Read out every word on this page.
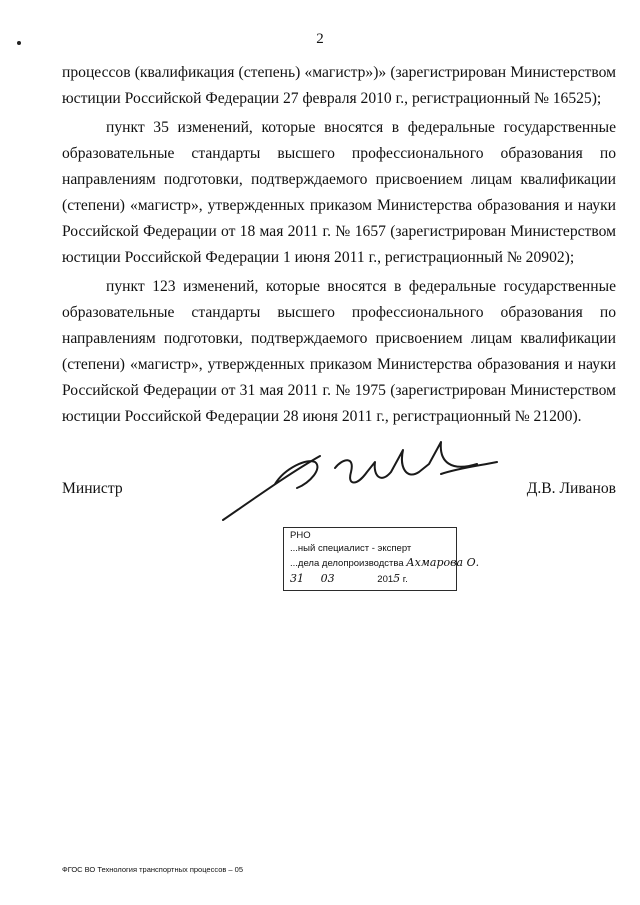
2

процессов (квалификация (степень) «магистр»)» (зарегистрирован Министерством юстиции Российской Федерации 27 февраля 2010 г., регистрационный № 16525);

пункт 35 изменений, которые вносятся в федеральные государственные образовательные стандарты высшего профессионального образования по направлениям подготовки, подтверждаемого присвоением лицам квалификации (степени) «магистр», утвержденных приказом Министерства образования и науки Российской Федерации от 18 мая 2011 г. № 1657 (зарегистрирован Министерством юстиции Российской Федерации 1 июня 2011 г., регистрационный № 20902);

пункт 123 изменений, которые вносятся в федеральные государственные образовательные стандарты высшего профессионального образования по направлениям подготовки, подтверждаемого присвоением лицам квалификации (степени) «магистр», утвержденных приказом Министерства образования и науки Российской Федерации от 31 мая 2011 г. № 1975 (зарегистрирован Министерством юстиции Российской Федерации 28 июня 2011 г., регистрационный № 21200).

Министр	Д.В. Ливанов
РНО
...ный специалист - эксперт
...дела делопроизводства Ахмарова О.
31 03	2015 г.
ФГОС ВО Технология транспортных процессов – 05
